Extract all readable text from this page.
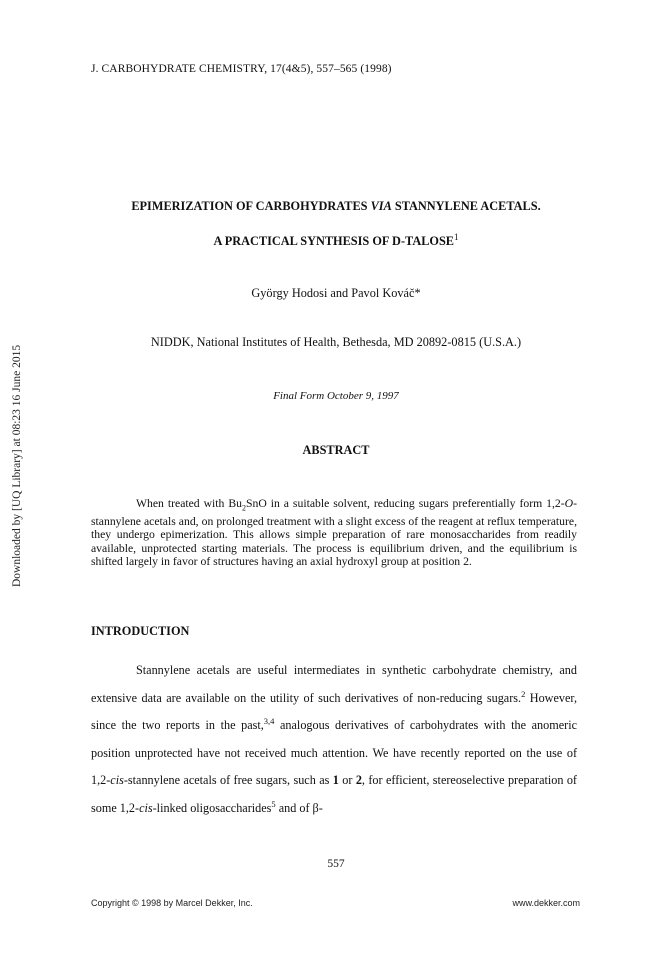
Downloaded by [UQ Library] at 08:23 16 June 2015
J. CARBOHYDRATE CHEMISTRY, 17(4&5), 557–565 (1998)
EPIMERIZATION OF CARBOHYDRATES VIA STANNYLENE ACETALS.
A PRACTICAL SYNTHESIS OF D-TALOSE$^1$
György Hodosi and Pavol Kováč*
NIDDK, National Institutes of Health, Bethesda, MD 20892-0815 (U.S.A.)
Final Form October 9, 1997
ABSTRACT

When treated with $Bu_2SnO$ in a suitable solvent, reducing sugars preferentially form 1,2-O-stannylene acetals and, on prolonged treatment with a slight excess of the reagent at reflux temperature, they undergo epimerization. This allows simple preparation of rare monosaccharides from readily available, unprotected starting materials. The process is equilibrium driven, and the equilibrium is shifted largely in favor of structures having an axial hydroxyl group at position 2.

INTRODUCTION

Stannylene acetals are useful intermediates in synthetic carbohydrate chemistry, and extensive data are available on the utility of such derivatives of non-reducing sugars.$^2$ However, since the two reports in the past,$^{3,4}$ analogous derivatives of carbohydrates with the anomeric position unprotected have not received much attention. We have recently reported on the use of 1,2-cis-stannylene acetals of free sugars, such as 1 or 2, for efficient, stereoselective preparation of some 1,2-cis-linked oligosaccharides$^5$ and of β-

557
Copyright © 1998 by Marcel Dekker, Inc.	www.dekker.com
